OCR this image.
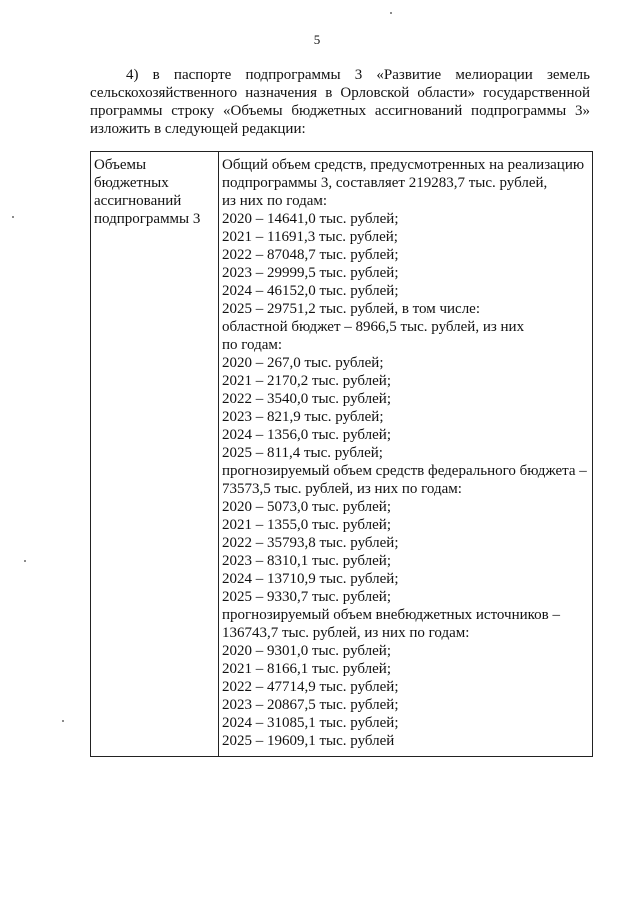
5
4) в паспорте подпрограммы 3 «Развитие мелиорации земель
сельскохозяйственного назначения в Орловской области» государственной
программы строку «Объемы бюджетных ассигнований подпрограммы 3»
изложить в следующей редакции:
Объемы
бюджетных
ассигнований
подпрограммы 3

Общий объем средств, предусмотренных на реализацию
подпрограммы 3, составляет 219283,7 тыс. рублей,
из них по годам:
2020 – 14641,0 тыс. рублей;
2021 – 11691,3 тыс. рублей;
2022 – 87048,7 тыс. рублей;
2023 – 29999,5 тыс. рублей;
2024 – 46152,0 тыс. рублей;
2025 – 29751,2 тыс. рублей, в том числе:
областной бюджет – 8966,5 тыс. рублей, из них
по годам:
2020 – 267,0 тыс. рублей;
2021 – 2170,2 тыс. рублей;
2022 – 3540,0 тыс. рублей;
2023 – 821,9 тыс. рублей;
2024 – 1356,0 тыс. рублей;
2025 – 811,4 тыс. рублей;
прогнозируемый объем средств федерального бюджета –
73573,5 тыс. рублей, из них по годам:
2020 – 5073,0 тыс. рублей;
2021 – 1355,0 тыс. рублей;
2022 – 35793,8 тыс. рублей;
2023 – 8310,1 тыс. рублей;
2024 – 13710,9 тыс. рублей;
2025 – 9330,7 тыс. рублей;
прогнозируемый объем внебюджетных источников –
136743,7 тыс. рублей, из них по годам:
2020 – 9301,0 тыс. рублей;
2021 – 8166,1 тыс. рублей;
2022 – 47714,9 тыс. рублей;
2023 – 20867,5 тыс. рублей;
2024 – 31085,1 тыс. рублей;
2025 – 19609,1 тыс. рублей
